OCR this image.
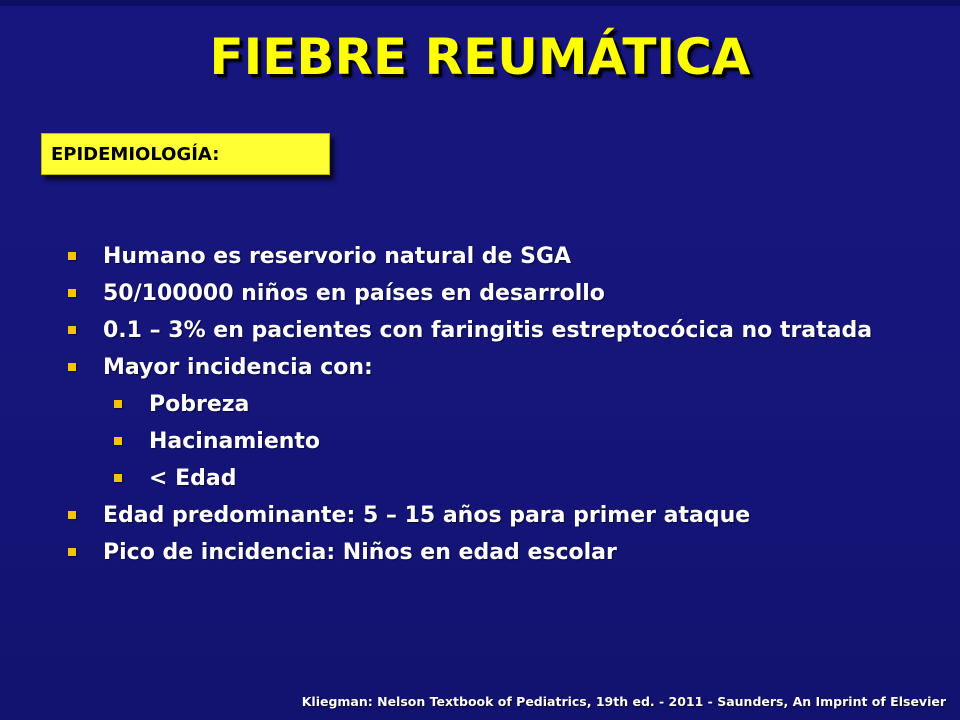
FIEBRE REUMÁTICA
EPIDEMIOLOGÍA:
Humano es reservorio natural de SGA
50/100000 niños en países en desarrollo
0.1 – 3% en pacientes con faringitis estreptocócica no tratada
Mayor incidencia con:
Pobreza
Hacinamiento
< Edad
Edad predominante: 5 – 15 años para primer ataque
Pico de incidencia: Niños en edad escolar
Kliegman: Nelson Textbook of Pediatrics, 19th ed. - 2011 - Saunders, An Imprint of Elsevier
